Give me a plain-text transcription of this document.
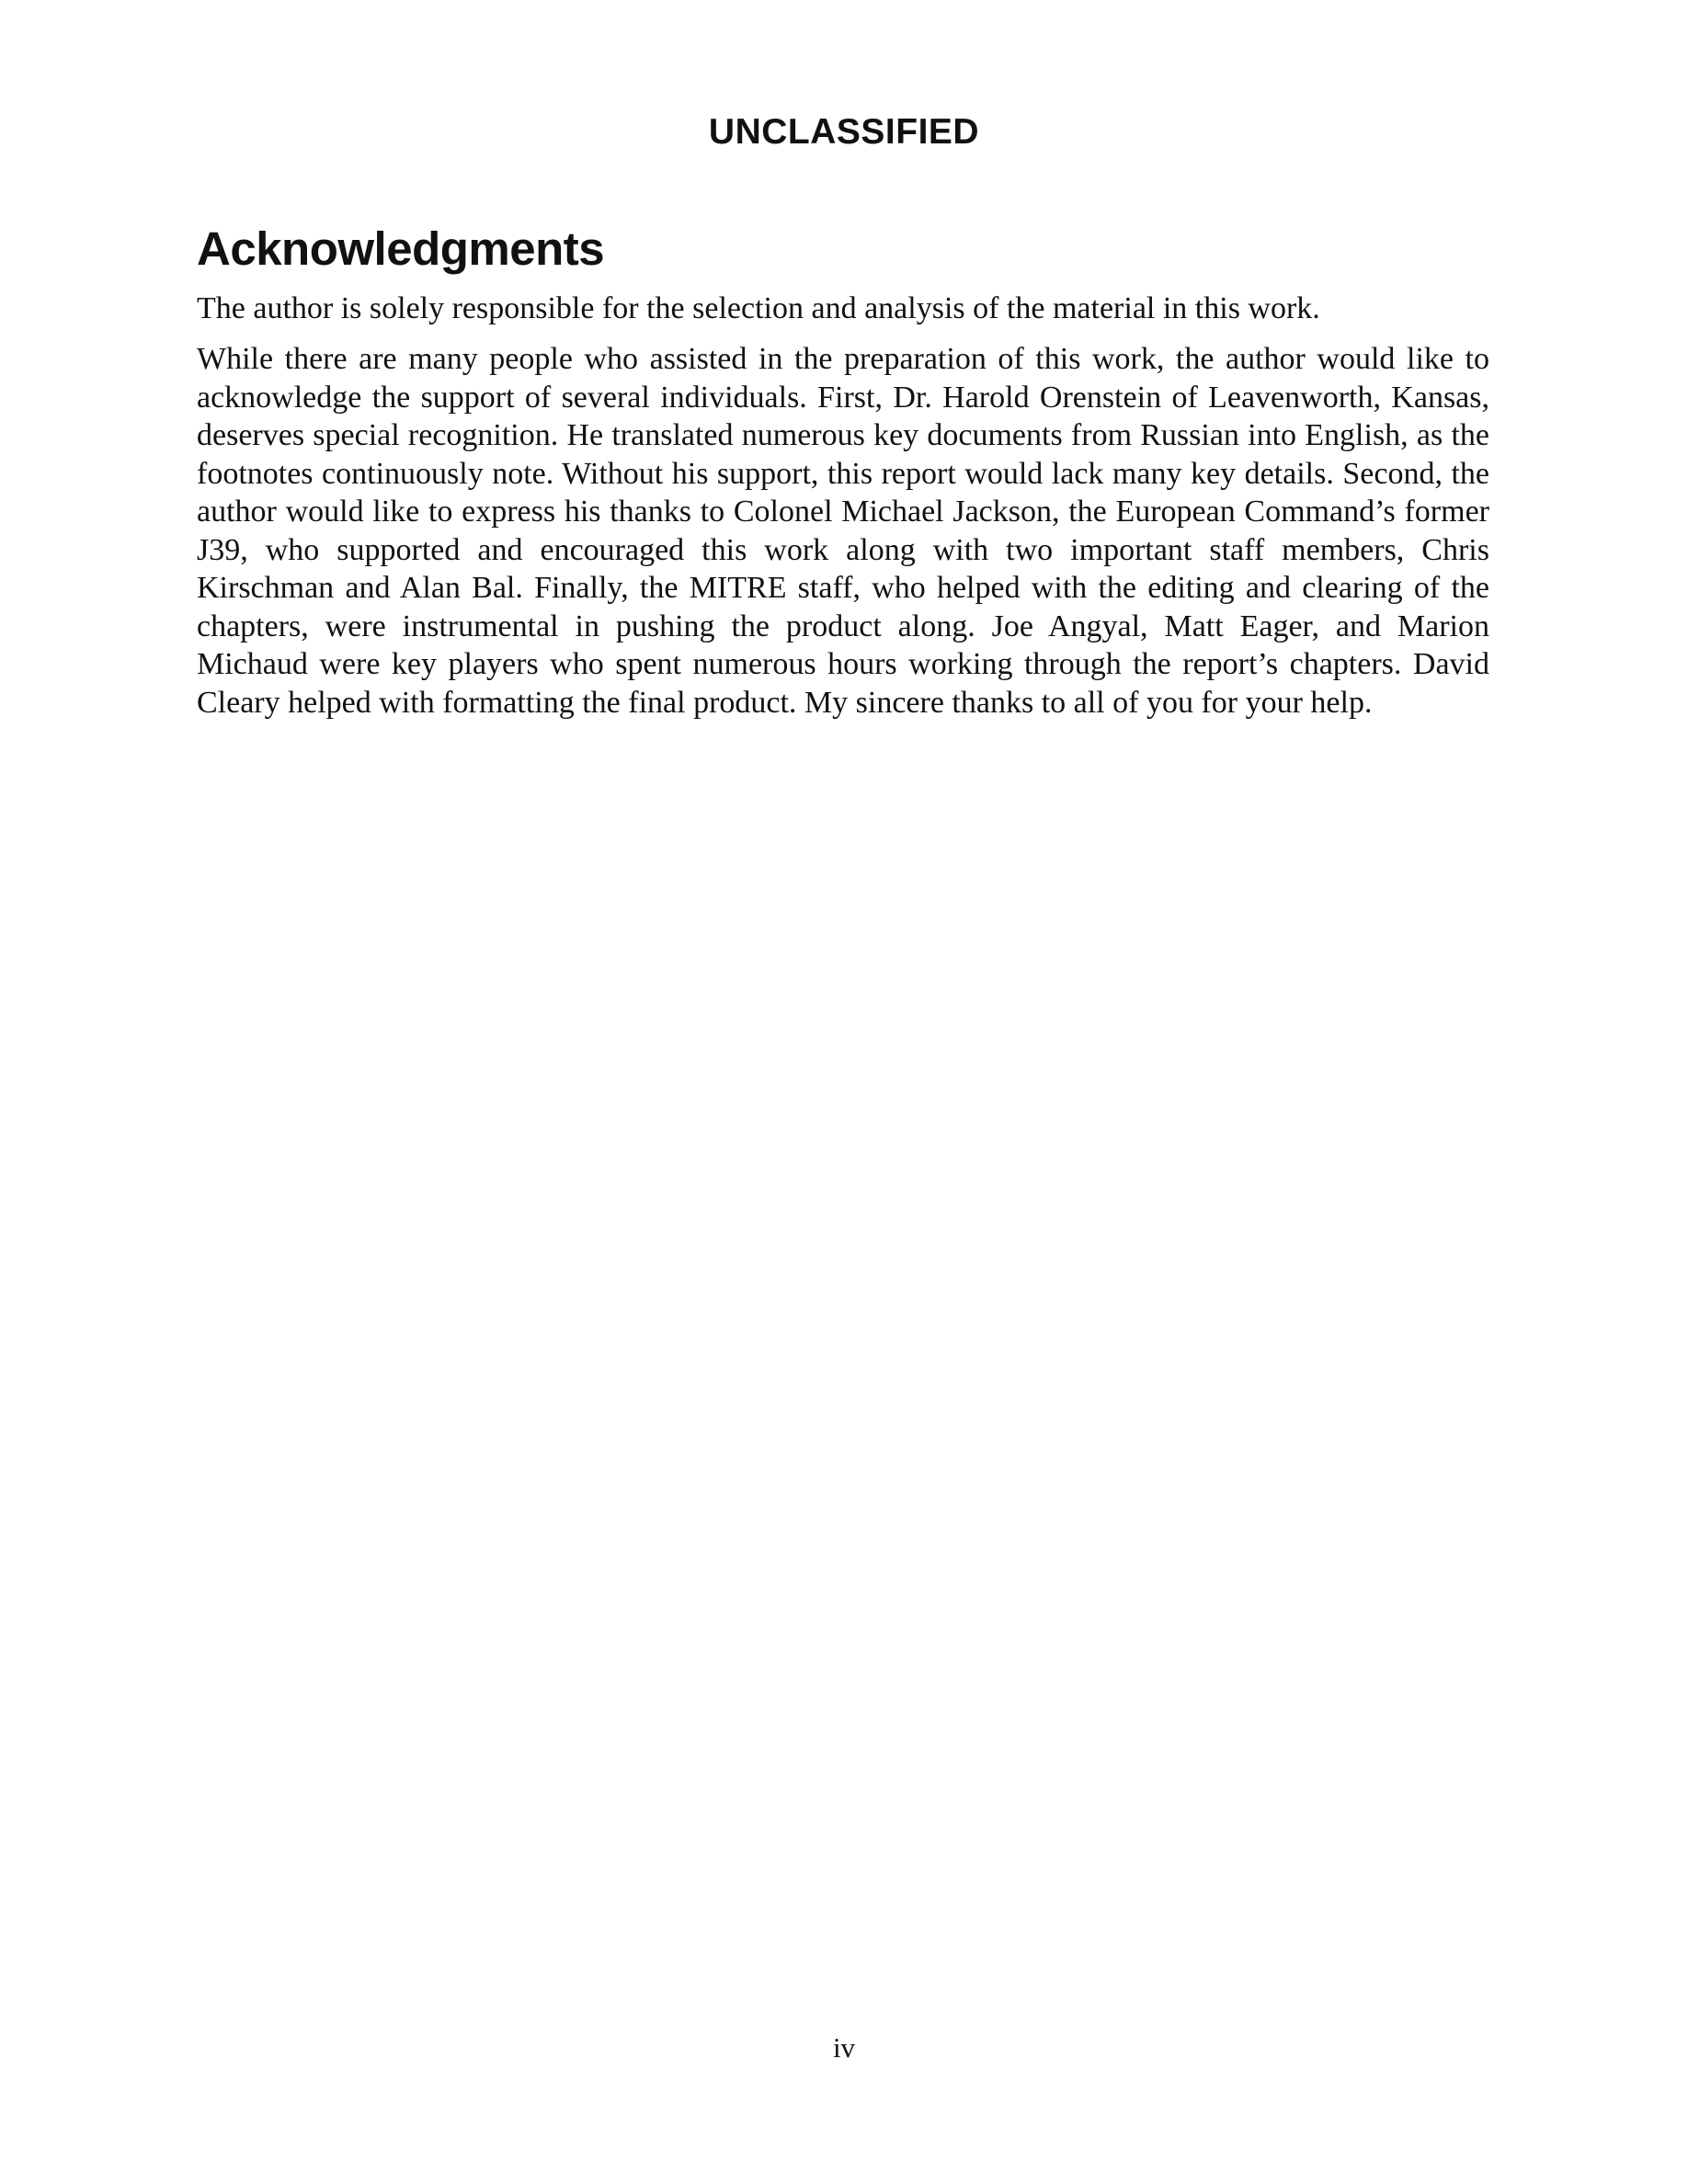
UNCLASSIFIED

Acknowledgments

The author is solely responsible for the selection and analysis of the material in this work.

While there are many people who assisted in the preparation of this work, the author would like to acknowledge the support of several individuals. First, Dr. Harold Orenstein of Leavenworth, Kansas, deserves special recognition. He translated numerous key documents from Russian into English, as the footnotes continuously note. Without his support, this report would lack many key details. Second, the author would like to express his thanks to Colonel Michael Jackson, the European Command’s former J39, who supported and encouraged this work along with two important staff members, Chris Kirschman and Alan Bal. Finally, the MITRE staff, who helped with the editing and clearing of the chapters, were instrumental in pushing the product along. Joe Angyal, Matt Eager, and Marion Michaud were key players who spent numerous hours working through the report’s chapters. David Cleary helped with formatting the final product. My sincere thanks to all of you for your help.

iv
